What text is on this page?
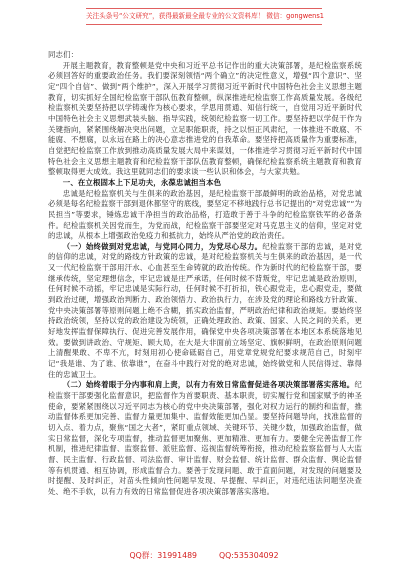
关注头条号“公文研究”，获得最新最全最专业的公文资料库！ 微信：gongwens1

同志们：

开展主题教育，教育整顿是党中央和习近平总书记作出的重大决策部署，是纪检监察系统必须回答好的重要政治任务。我们要深刻领悟“两个确立”的决定性意义，增强“四个意识”、坚定“四个自信”、做到“两个维护”，深入开展学习贯彻习近平新时代中国特色社会主义思想主题教育，切实抓好全国纪检监察干部队伍教育整顿，纵深推进纪检监察工作高质量发展。各级纪检监察机关要坚持把以学铸魂作为核心要求，学思用贯通、知信行统一，自觉用习近平新时代中国特色社会主义思想武装头脑、指导实践，统领纪检监察一切工作。要坚持把以学促干作为关键指向，紧紧围绕解决突出问题，立足职能职责，持之以恒正风肃纪，一体推进不敢腐、不能腐、不想腐，以永远在路上的决心意志推进党的自我革命。要坚持把高质量作为重要标准，自觉把纪检监察工作放到推动高质量发展大局中来谋划，一体推进学习贯彻习近平新时代中国特色社会主义思想主题教育和纪检监察干部队伍教育整顿，确保纪检监察系统主题教育和教育整顿取得更大成效。我这里就同志们的要求谈一些认识和体会，与大家共勉。

一、在立根固本上下足功夫，永葆忠诚担当本色

忠诚是纪检监察机关与生俱来的政治基因，是纪检监察干部最鲜明的政治品格，对党忠诚必须是每名纪检监察干部到退休都坚守的底线，要坚定不移地践行总书记提出的“对党忠诚”“为民担当”等要求，锤炼忠诚干净担当的政治品格，打造敢于善于斗争的纪检监察铁军的必备条件。纪检监察机关因党而生，为党而战，纪检监察干部要坚定对马克思主义的信仰，坚定对党的忠诚，从根本上增强政治免疫力和抵抗力，始终从严治党的政治责任。

（一）始终做到对党忠诚，与党同心同力，为党尽心尽力。纪检监察干部的忠诚，是对党的信仰的忠诚，对党的路线方针政策的忠诚，是对纪检监察机关与生俱来的政治基因，是一代又一代纪检监察干部用汗水、心血甚至生命铸就的政治传统。作为新时代的纪检监察干部，要继承传统，坚定理想信念，牢记忠诚是庄严承诺，任何时候不背叛党，牢记忠诚是政治原则，任何时候不动摇，牢记忠诚是实际行动，任何时候不打折扣，铁心跟党走，忠心跟党走，要做到政治过硬，增强政治判断力、政治领悟力、政治执行力，在涉及党的理论和路线方针政策、党中央决策部署等原则问题上绝不含糊，抓实政治监督，严明政治纪律和政治规矩。要始终坚持政治统领，坚持以党的政治建设为统领，正确处理政治、政策、国家、人民之间的关系，更好地发挥监督保障执行、促进完善发展作用，确保党中央各项决策部署在本地区本系统落地见效。要做到讲政治、守规矩、顾大局，在大是大非面前立场坚定、旗帜鲜明，在政治原则问题上清醒果敢、不卑不亢，时刻用初心使命砥砺自己，用党章党规党纪要求规范自己，时刻牢记“我是谁、为了谁、依靠谁”，在奋斗中践行对党的绝对忠诚，始终做党和人民信得过、靠得住的忠诚卫士。

（二）始终着眼于分内事和肩上责，以有力有效日常监督促进各项决策部署落实落地。纪检监察干部要强化监督意识，把监督作为首要职责、基本职责，切实履行党和国家赋予的神圣使命，要紧紧围绕以习近平同志为核心的党中央决策部署，强化对权力运行的制约和监督，推动监督体系更加完善、监督力量更加集中、监督效能更加凸显。要坚持问题导向，找准监督的切入点、着力点，聚焦“国之大者”，紧盯重点领域、关键环节、关键少数，加强政治监督，做实日常监督，深化专项监督，推动监督更加聚焦、更加精准、更加有力。要健全完善监督工作机制，推进纪律监督、监察监督、派驻监督、巡视监督统筹衔接，推动纪检监察监督与人大监督、民主监督、行政监督、司法监督、审计监督、财会监督、统计监督、群众监督、舆论监督等有机贯通、相互协调，形成监督合力。要善于发现问题、敢于直面问题，对发现的问题要及时提醒、及时纠正，对苗头性倾向性问题早发现、早提醒、早纠正，对违纪违法问题坚决查处、绝不手软，以有力有效的日常监督促进各项决策部署落实落地。

QQ群：31991489	QQ:535304092
